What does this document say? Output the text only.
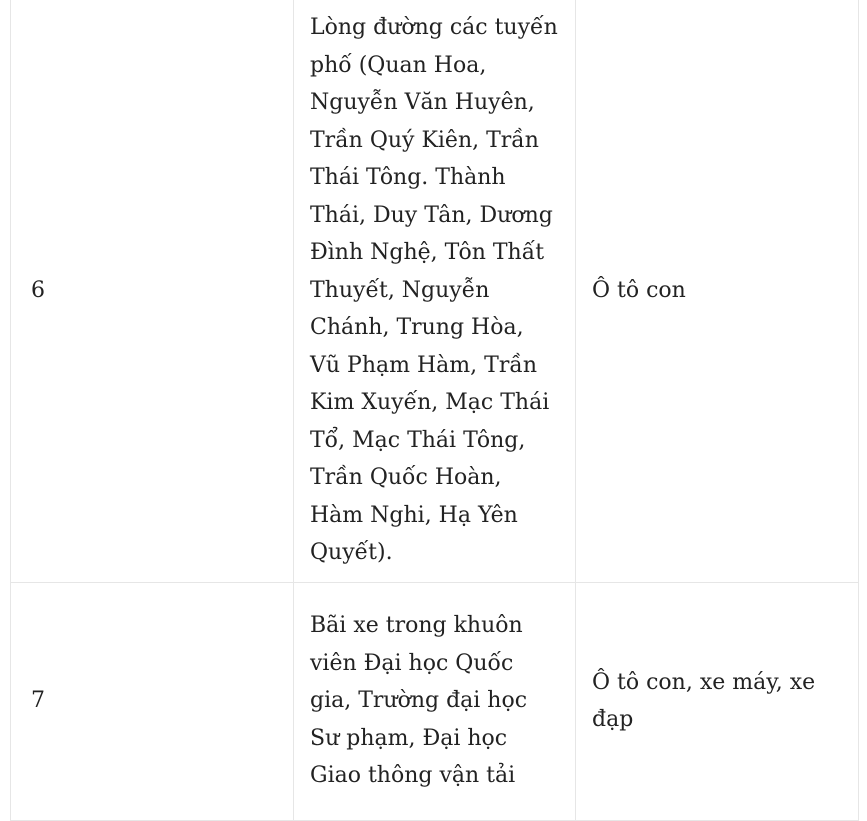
6	Lòng đường các tuyến phố (Quan Hoa, Nguyễn Văn Huyên, Trần Quý Kiên, Trần Thái Tông. Thành Thái, Duy Tân, Dương Đình Nghệ, Tôn Thất Thuyết, Nguyễn Chánh, Trung Hòa, Vũ Phạm Hàm, Trần Kim Xuyến, Mạc Thái Tổ, Mạc Thái Tông, Trần Quốc Hoàn, Hàm Nghi, Hạ Yên Quyết).	Ô tô con
7	Bãi xe trong khuôn viên Đại học Quốc gia, Trường đại học Sư phạm, Đại học Giao thông vận tải	Ô tô con, xe máy, xe đạp
